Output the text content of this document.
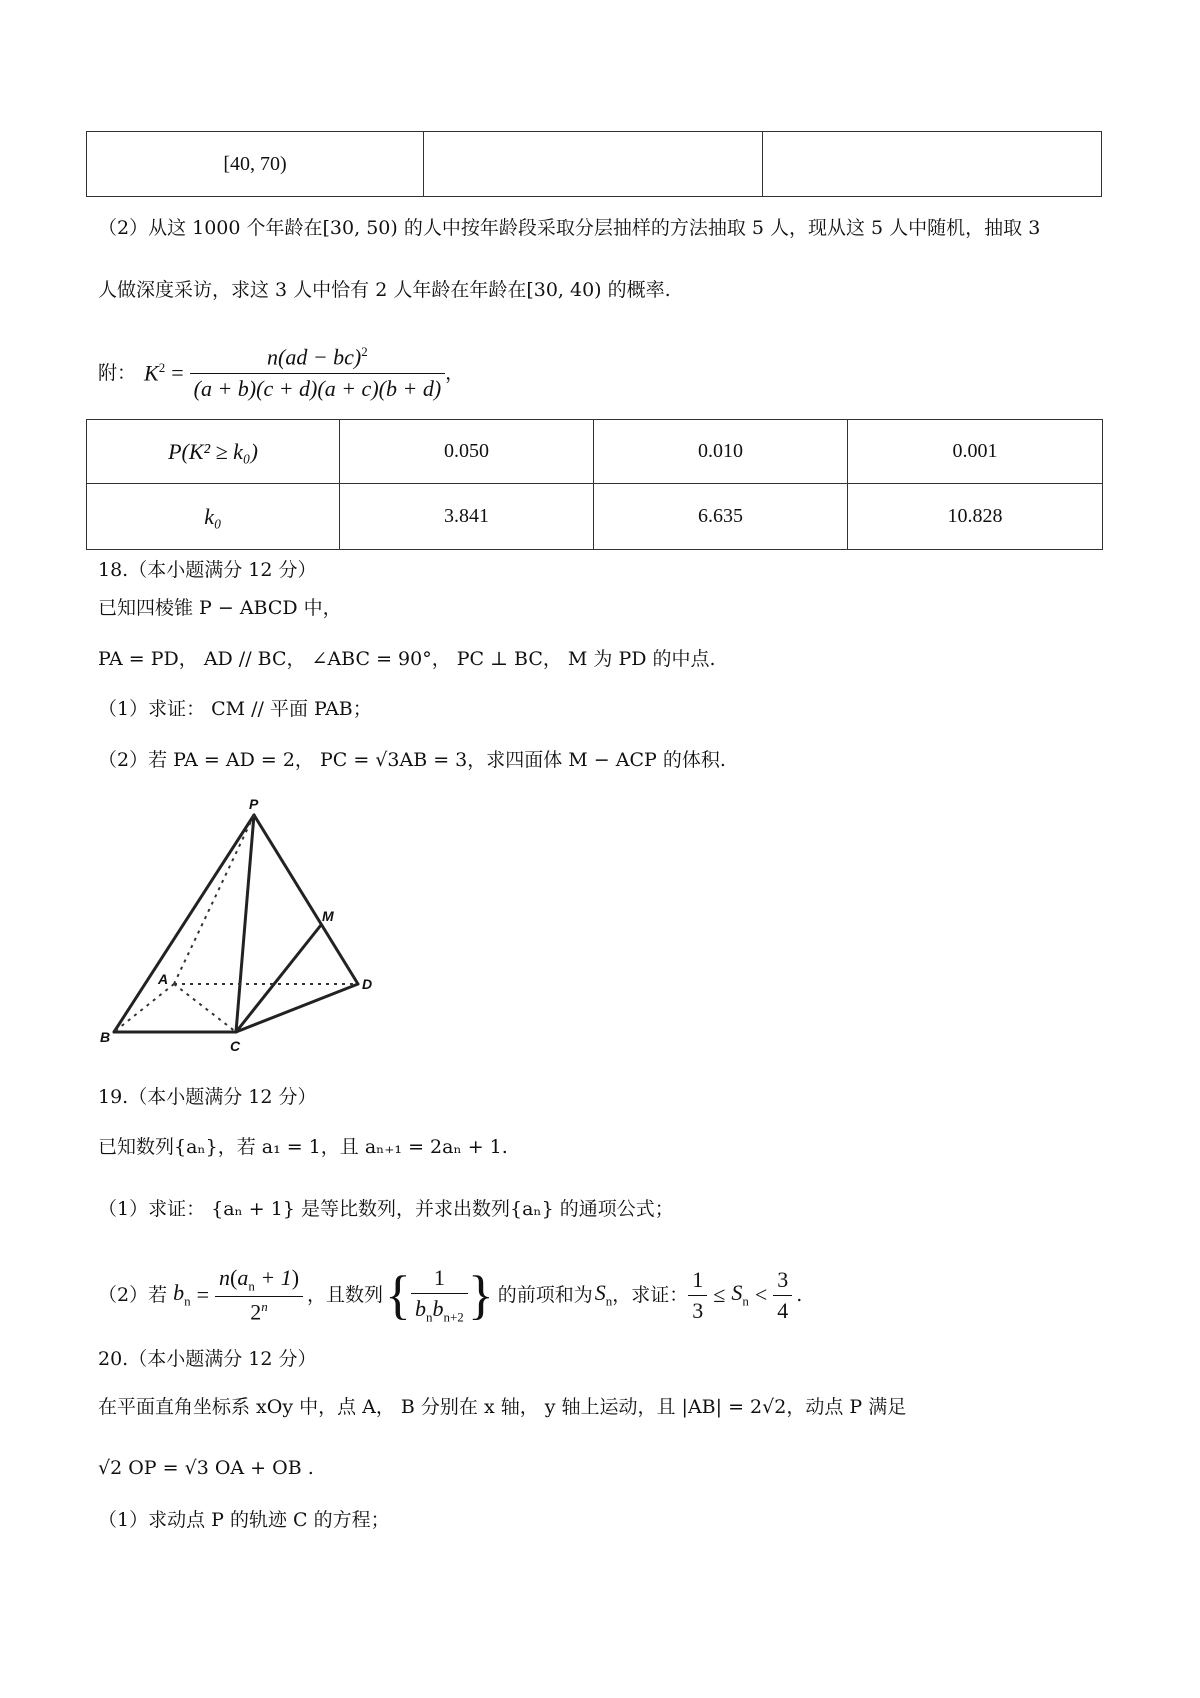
[40, 70)		
（2）从这 1000 个年龄在[30, 50) 的人中按年龄段采取分层抽样的方法抽取 5 人，现从这 5 人中随机，抽取 3
人做深度采访，求这 3 人中恰有 2 人年龄在年龄在[30, 40) 的概率.
附： $K^2 = \frac{n(ad - bc)^2}{(a + b)(c + d)(a + c)(b + d)}$ ，
P(K² ≥ k₀)	0.050	0.010	0.001
k₀	3.841	6.635	10.828
18.（本小题满分 12 分）
已知四棱锥 P − ABCD 中，
PA = PD， AD // BC， ∠ABC = 90°， PC ⊥ BC， M 为 PD 的中点.
（1）求证： CM // 平面 PAB；
（2）若 PA = AD = 2， PC = √3AB = 3，求四面体 M − ACP 的体积.
P
M
A	D
B
C
19.（本小题满分 12 分）
已知数列{aₙ}，若 a₁ = 1，且 aₙ₊₁ = 2aₙ + 1.
（1）求证： {aₙ + 1} 是等比数列，并求出数列{aₙ} 的通项公式；
（2）若 $b_n = \frac{n(a_n + 1)}{2^n}$ ，且数列 { $\frac{1}{b_nb_{n+2}}$ } 的前项和为 $S_n$ ，求证： $\frac{1}{3} \le S_n < \frac{3}{4}$ .
20.（本小题满分 12 分）
在平面直角坐标系 xOy 中，点 A， B 分别在 x 轴， y 轴上运动，且 |AB| = 2√2，动点 P 满足
√2 OP = √3 OA + OB .
（1）求动点 P 的轨迹 C 的方程；
